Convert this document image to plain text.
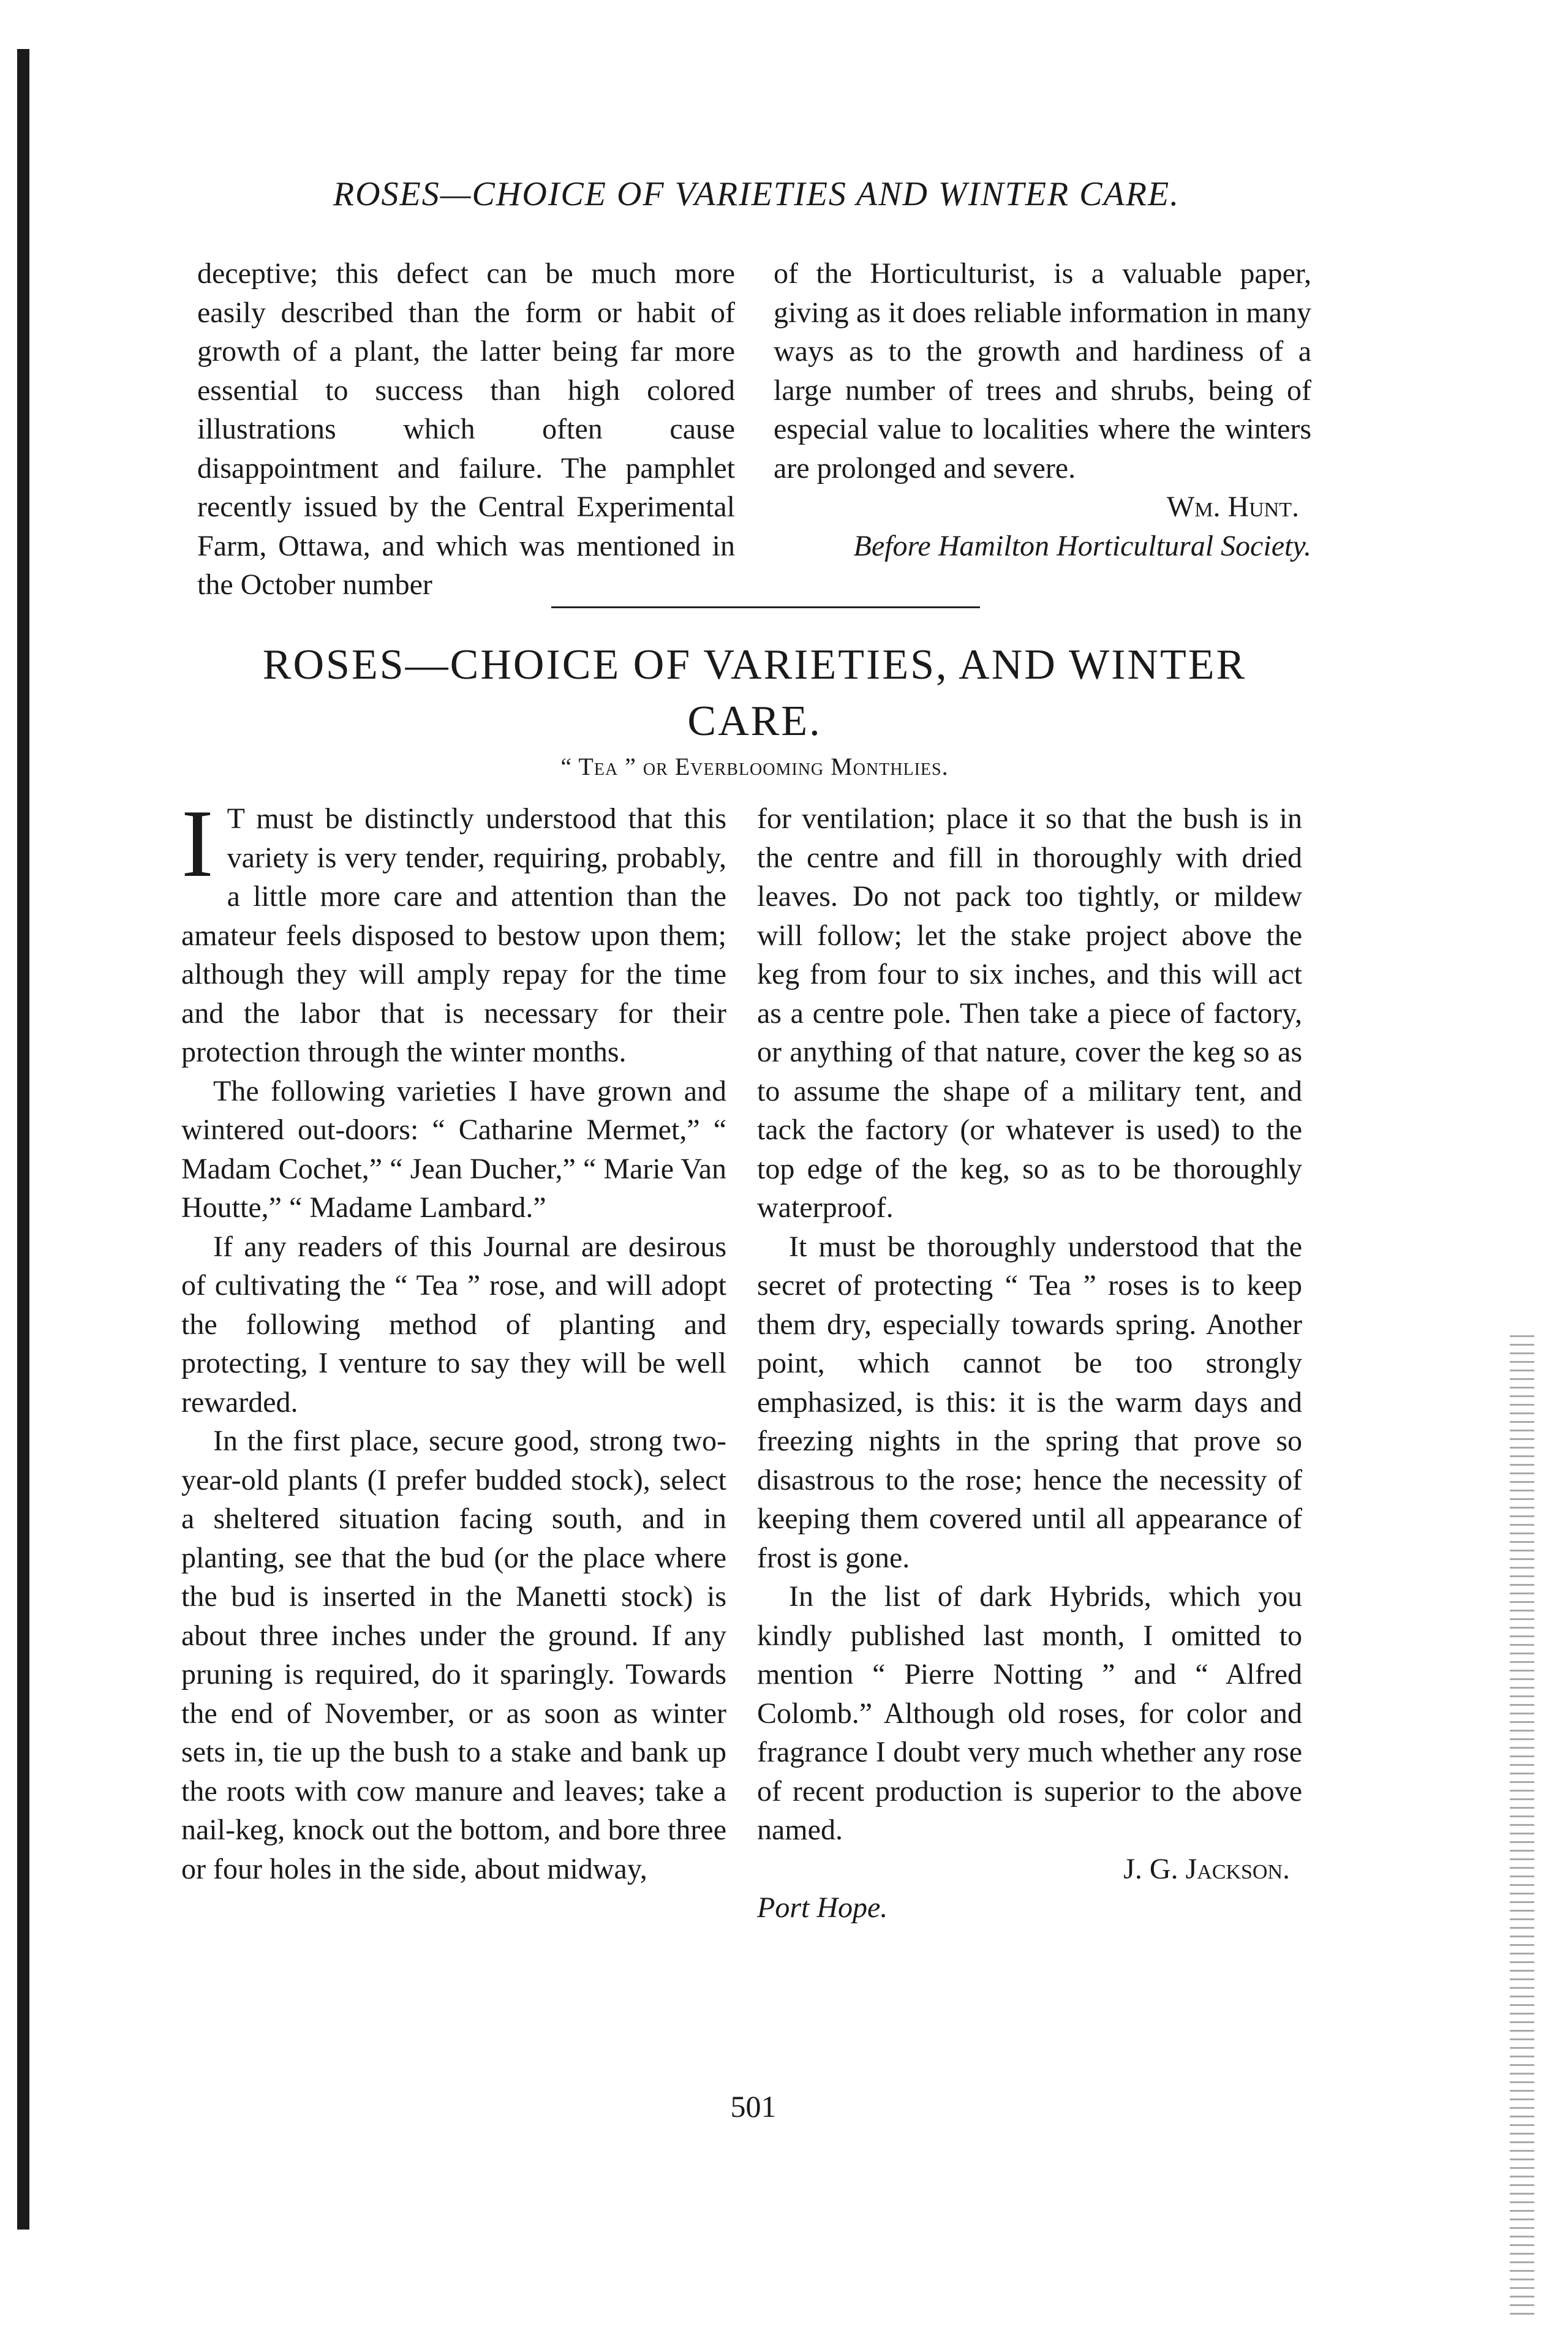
ROSES—CHOICE OF VARIETIES AND WINTER CARE.

deceptive; this defect can be much more easily described than the form or habit of growth of a plant, the latter being far more essential to success than high colored illustrations which often cause disappointment and failure. The pamphlet recently issued by the Central Experimental Farm, Ottawa, and which was mentioned in the October number

of the Horticulturist, is a valuable paper, giving as it does reliable information in many ways as to the growth and hardiness of a large number of trees and shrubs, being of especial value to localities where the winters are prolonged and severe.

Wm. Hunt.

Before Hamilton Horticultural Society.

ROSES—CHOICE OF VARIETIES, AND WINTER CARE.
“ Tea ” or Everblooming Monthlies.

I T must be distinctly understood that this variety is very tender, requiring, probably, a little more care and attention than the amateur feels disposed to bestow upon them; although they will amply repay for the time and the labor that is necessary for their protection through the winter months.

The following varieties I have grown and wintered out-doors: “ Catharine Mermet,” “ Madam Cochet,” “ Jean Ducher,” “ Marie Van Houtte,” “ Madame Lambard.”

If any readers of this Journal are desirous of cultivating the “ Tea ” rose, and will adopt the following method of planting and protecting, I venture to say they will be well rewarded.

In the first place, secure good, strong two-year-old plants (I prefer budded stock), select a sheltered situation facing south, and in planting, see that the bud (or the place where the bud is inserted in the Manetti stock) is about three inches under the ground. If any pruning is required, do it sparingly. Towards the end of November, or as soon as winter sets in, tie up the bush to a stake and bank up the roots with cow manure and leaves; take a nail-keg, knock out the bottom, and bore three or four holes in the side, about midway,

for ventilation; place it so that the bush is in the centre and fill in thoroughly with dried leaves. Do not pack too tightly, or mildew will follow; let the stake project above the keg from four to six inches, and this will act as a centre pole. Then take a piece of factory, or anything of that nature, cover the keg so as to assume the shape of a military tent, and tack the factory (or whatever is used) to the top edge of the keg, so as to be thoroughly waterproof.

It must be thoroughly understood that the secret of protecting “ Tea ” roses is to keep them dry, especially towards spring. Another point, which cannot be too strongly emphasized, is this: it is the warm days and freezing nights in the spring that prove so disastrous to the rose; hence the necessity of keeping them covered until all appearance of frost is gone.

In the list of dark Hybrids, which you kindly published last month, I omitted to mention “ Pierre Notting ” and “ Alfred Colomb.” Although old roses, for color and fragrance I doubt very much whether any rose of recent production is superior to the above named.

J. G. Jackson.

Port Hope.

501
